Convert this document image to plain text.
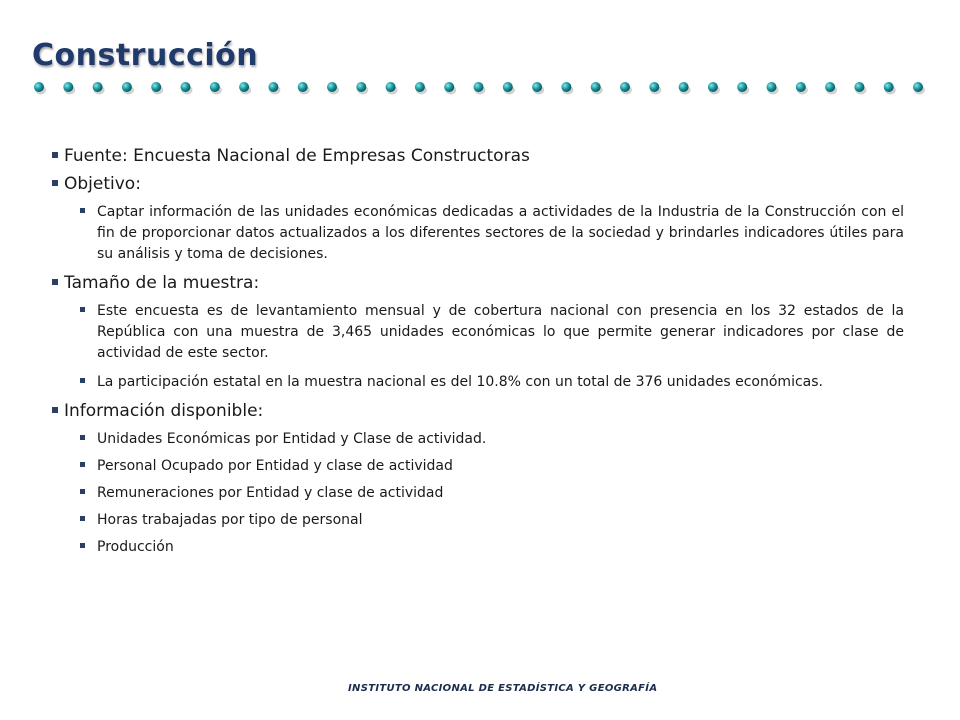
Construcción
Fuente: Encuesta Nacional de Empresas Constructoras
Objetivo:
Captar información de las unidades económicas dedicadas a actividades de la Industria de la Construcción con el fin de proporcionar datos actualizados a los diferentes sectores de la sociedad y brindarles indicadores útiles para su análisis y toma de decisiones.
Tamaño de la muestra:
Este encuesta es de levantamiento mensual y de cobertura nacional con presencia en los 32 estados de la República con una muestra de 3,465 unidades económicas lo que permite generar indicadores por clase de actividad de este sector.
La participación estatal en la muestra nacional es del 10.8% con un total de 376 unidades económicas.
Información disponible:
Unidades Económicas por Entidad y Clase de actividad.
Personal Ocupado por Entidad y clase de actividad
Remuneraciones por Entidad y clase de actividad
Horas trabajadas por tipo de personal
Producción
INSTITUTO NACIONAL DE ESTADÍSTICA Y GEOGRAFÍA
